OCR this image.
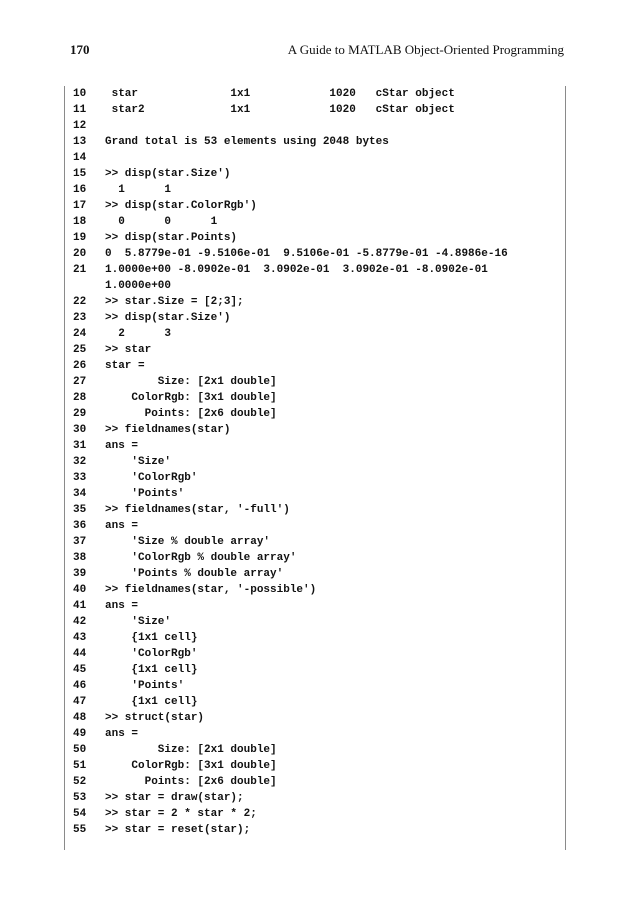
170	A Guide to MATLAB Object-Oriented Programming
10	star              1x1            1020   cStar object
11	star2             1x1            1020   cStar object
12
13	Grand total is 53 elements using 2048 bytes
14
15	>> disp(star.Size')
16	1      1
17	>> disp(star.ColorRgb')
18	0      0      1
19	>> disp(star.Points)
20	0  5.8779e-01 -9.5106e-01  9.5106e-01 -5.8779e-01 -4.8986e-16
21	1.0000e+00 -8.0902e-01  3.0902e-01  3.0902e-01 -8.0902e-01
1.0000e+00
22	>> star.Size = [2;3];
23	>> disp(star.Size')
24	2      3
25	>> star
26	star =
27	Size: [2x1 double]
28	ColorRgb: [3x1 double]
29	Points: [2x6 double]
30	>> fieldnames(star)
31	ans =
32	'Size'
33	'ColorRgb'
34	'Points'
35	>> fieldnames(star, '-full')
36	ans =
37	'Size % double array'
38	'ColorRgb % double array'
39	'Points % double array'
40	>> fieldnames(star, '-possible')
41	ans =
42	'Size'
43	{1x1 cell}
44	'ColorRgb'
45	{1x1 cell}
46	'Points'
47	{1x1 cell}
48	>> struct(star)
49	ans =
50	Size: [2x1 double]
51	ColorRgb: [3x1 double]
52	Points: [2x6 double]
53	>> star = draw(star);
54	>> star = 2 * star * 2;
55	>> star = reset(star);
